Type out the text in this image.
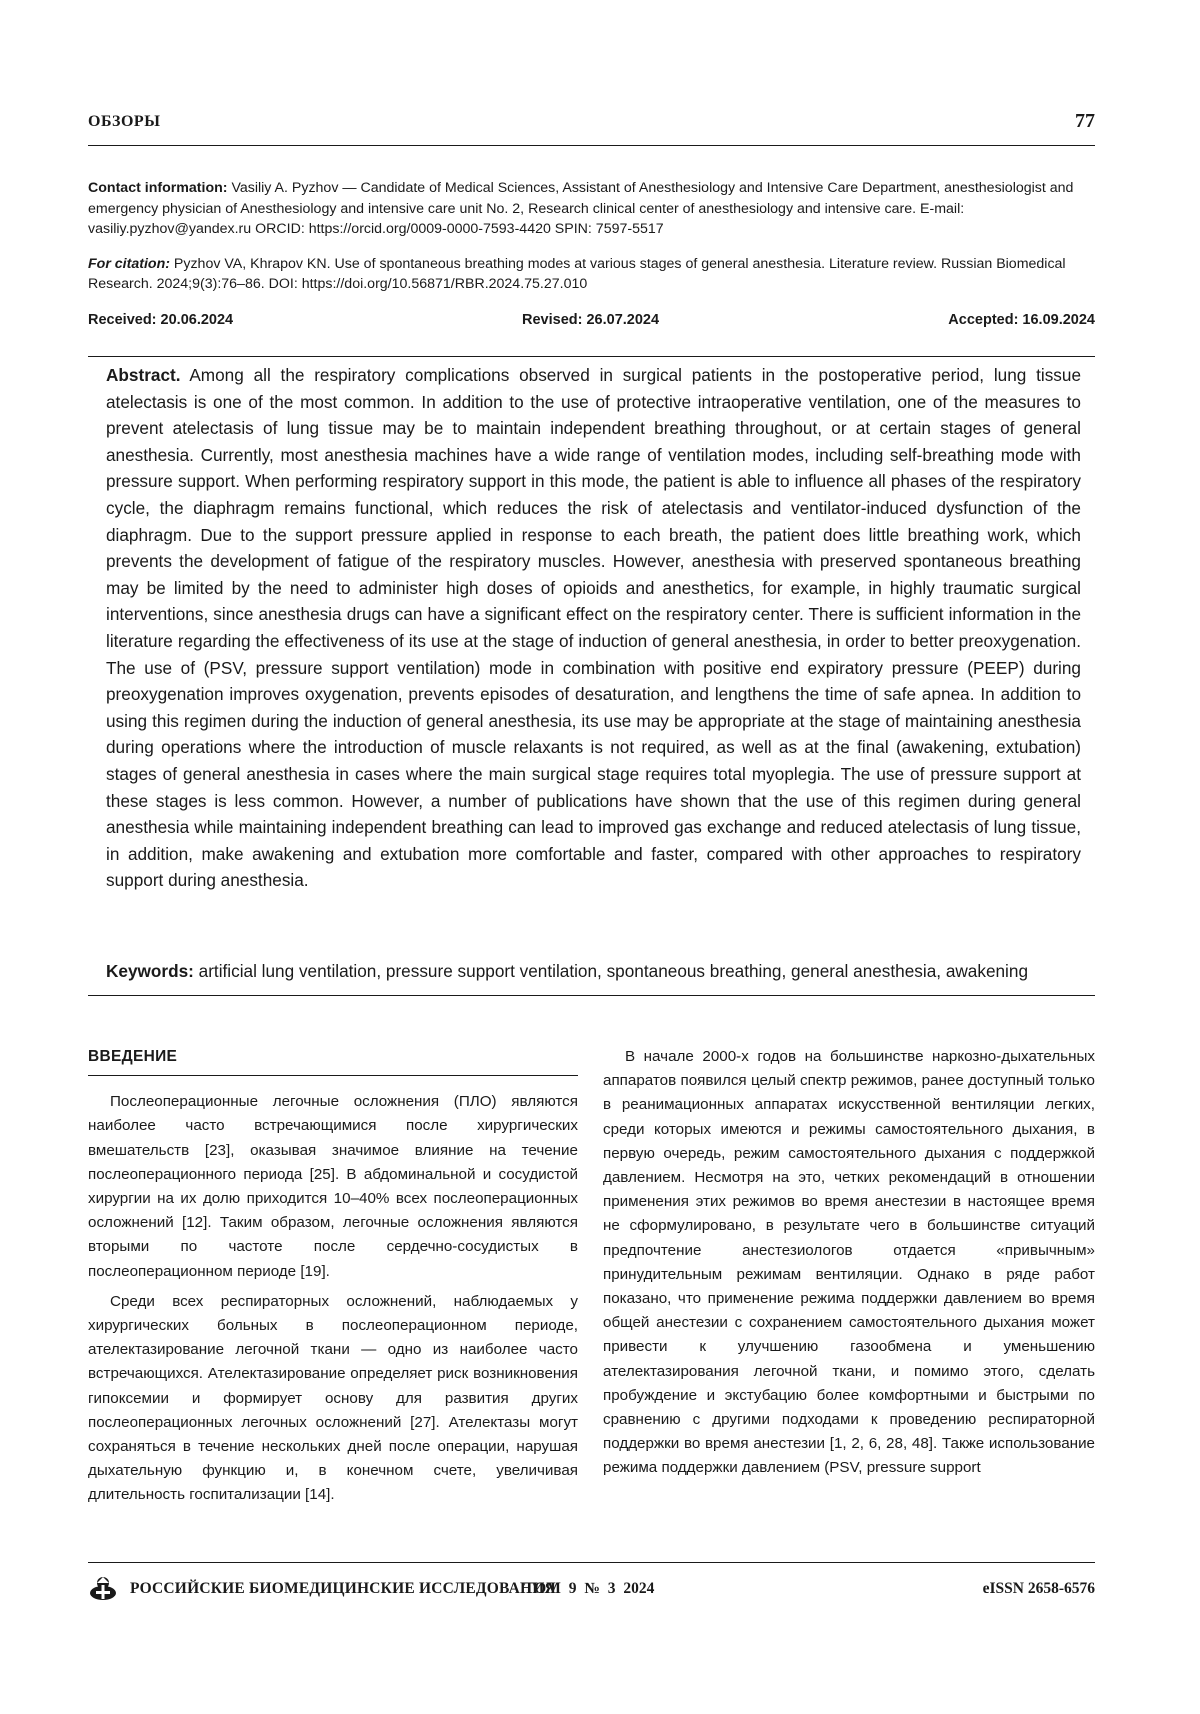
ОБЗОРЫ	77

Contact information: Vasiliy A. Pyzhov — Candidate of Medical Sciences, Assistant of Anesthesiology and Intensive Care Department, anesthesiologist and emergency physician of Anesthesiology and intensive care unit No. 2, Research clinical center of anesthesiology and intensive care. E-mail: vasiliy.pyzhov@yandex.ru ORCID: https://orcid.org/0009-0000-7593-4420 SPIN: 7597-5517

For citation: Pyzhov VA, Khrapov KN. Use of spontaneous breathing modes at various stages of general anesthesia. Literature review. Russian Biomedical Research. 2024;9(3):76–86. DOI: https://doi.org/10.56871/RBR.2024.75.27.010

Received: 20.06.2024	Revised: 26.07.2024	Accepted: 16.09.2024

Abstract. Among all the respiratory complications observed in surgical patients in the postoperative period, lung tissue atelectasis is one of the most common. In addition to the use of protective intraoperative ventilation, one of the measures to prevent atelectasis of lung tissue may be to maintain independent breathing throughout, or at certain stages of general anesthesia. Currently, most anesthesia machines have a wide range of ventilation modes, including self-breathing mode with pressure support. When performing respiratory support in this mode, the patient is able to influence all phases of the respiratory cycle, the diaphragm remains functional, which reduces the risk of atelectasis and ventilator-induced dysfunction of the diaphragm. Due to the support pressure applied in response to each breath, the patient does little breathing work, which prevents the development of fatigue of the respiratory muscles. However, anesthesia with preserved spontaneous breathing may be limited by the need to administer high doses of opioids and anesthetics, for example, in highly traumatic surgical interventions, since anesthesia drugs can have a significant effect on the respiratory center. There is sufficient information in the literature regarding the effectiveness of its use at the stage of induction of general anesthesia, in order to better preoxygenation. The use of (PSV, pressure support ventilation) mode in combination with positive end expiratory pressure (PEEP) during preoxygenation improves oxygenation, prevents episodes of desaturation, and lengthens the time of safe apnea. In addition to using this regimen during the induction of general anesthesia, its use may be appropriate at the stage of maintaining anesthesia during operations where the introduction of muscle relaxants is not required, as well as at the final (awakening, extubation) stages of general anesthesia in cases where the main surgical stage requires total myoplegia. The use of pressure support at these stages is less common. However, a number of publications have shown that the use of this regimen during general anesthesia while maintaining independent breathing can lead to improved gas exchange and reduced atelectasis of lung tissue, in addition, make awakening and extubation more comfortable and faster, compared with other approaches to respiratory support during anesthesia.

Keywords: artificial lung ventilation, pressure support ventilation, spontaneous breathing, general anesthesia, awakening
ВВЕДЕНИЕ

Послеоперационные легочные осложнения (ПЛО) являются наиболее часто встречающимися после хирургических вмешательств [23], оказывая значимое влияние на течение послеоперационного периода [25]. В абдоминальной и сосудистой хирургии на их долю приходится 10–40% всех послеоперационных осложнений [12]. Таким образом, легочные осложнения являются вторыми по частоте после сердечно-сосудистых в послеоперационном периоде [19].

Среди всех респираторных осложнений, наблюдаемых у хирургических больных в послеоперационном периоде, ателектазирование легочной ткани — одно из наиболее часто встречающихся. Ателектазирование определяет риск возникновения гипоксемии и формирует основу для развития других послеоперационных легочных осложнений [27]. Ателектазы могут сохраняться в течение нескольких дней после операции, нарушая дыхательную функцию и, в конечном счете, увеличивая длительность госпитализации [14].

В начале 2000-х годов на большинстве наркозно-дыхательных аппаратов появился целый спектр режимов, ранее доступный только в реанимационных аппаратах искусственной вентиляции легких, среди которых имеются и режимы самостоятельного дыхания, в первую очередь, режим самостоятельного дыхания с поддержкой давлением. Несмотря на это, четких рекомендаций в отношении применения этих режимов во время анестезии в настоящее время не сформулировано, в результате чего в большинстве ситуаций предпочтение анестезиологов отдается «привычным» принудительным режимам вентиляции. Однако в ряде работ показано, что применение режима поддержки давлением во время общей анестезии с сохранением самостоятельного дыхания может привести к улучшению газообмена и уменьшению ателектазирования легочной ткани, и помимо этого, сделать пробуждение и экстубацию более комфортными и быстрыми по сравнению с другими подходами к проведению респираторной поддержки во время анестезии [1, 2, 6, 28, 48]. Также использование режима поддержки давлением (PSV, pressure support

РОССИЙСКИЕ БИОМЕДИЦИНСКИЕ ИССЛЕДОВАНИЯ
ТОМ 9 № 3 2024	eISSN 2658-6576
